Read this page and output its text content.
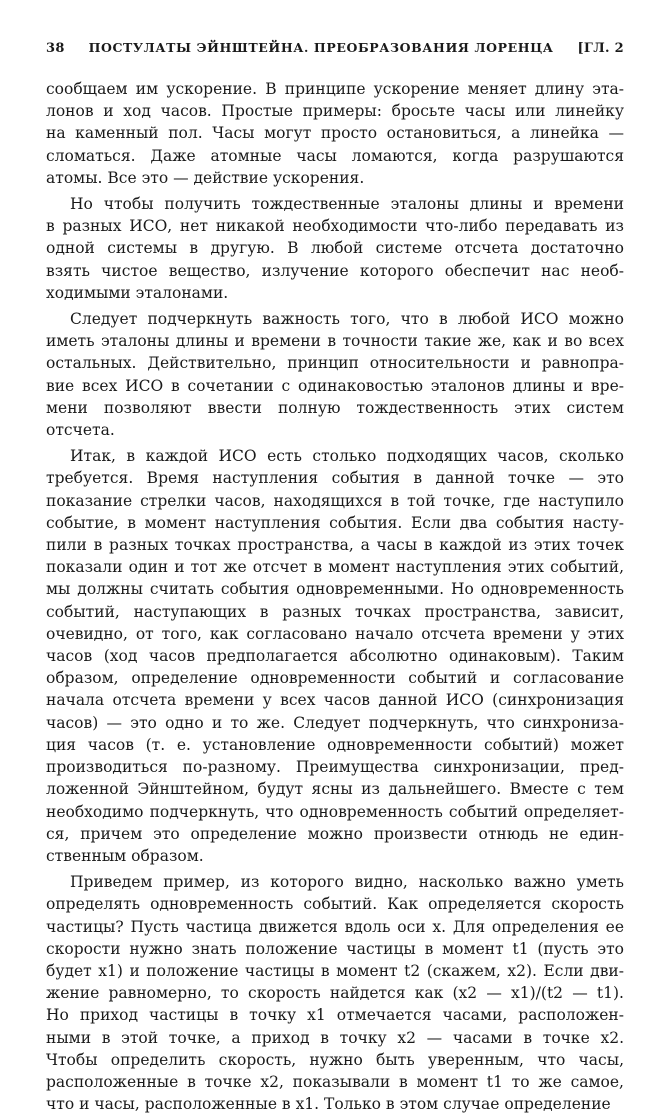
38 ПОСТУЛАТЫ ЭЙНШТЕЙНА. ПРЕОБРАЗОВАНИЯ ЛОРЕНЦА [ГЛ. 2

сообщаем им ускорение. В принципе ускорение меняет длину эта-
лонов и ход часов. Простые примеры: бросьте часы или линейку
на каменный пол. Часы могут просто остановиться, а линейка —
сломаться. Даже атомные часы ломаются, когда разрушаются
атомы. Все это — действие ускорения.

Но чтобы получить тождественные эталоны длины и времени
в разных ИСО, нет никакой необходимости что-либо передавать из
одной системы в другую. В любой системе отсчета достаточно
взять чистое вещество, излучение которого обеспечит нас необ-
ходимыми эталонами.

Следует подчеркнуть важность того, что в любой ИСО можно
иметь эталоны длины и времени в точности такие же, как и во всех
остальных. Действительно, принцип относительности и равнопра-
вие всех ИСО в сочетании с одинаковостью эталонов длины и вре-
мени позволяют ввести полную тождественность этих систем
отсчета.

Итак, в каждой ИСО есть столько подходящих часов, сколько
требуется. Время наступления события в данной точке — это
показание стрелки часов, находящихся в той точке, где наступило
событие, в момент наступления события. Если два события насту-
пили в разных точках пространства, а часы в каждой из этих точек
показали один и тот же отсчет в момент наступления этих событий,
мы должны считать события одновременными. Но одновременность
событий, наступающих в разных точках пространства, зависит,
очевидно, от того, как согласовано начало отсчета времени у этих
часов (ход часов предполагается абсолютно одинаковым). Таким
образом, определение одновременности событий и согласование
начала отсчета времени у всех часов данной ИСО (синхронизация
часов) — это одно и то же. Следует подчеркнуть, что синхрониза-
ция часов (т. е. установление одновременности событий) может
производиться по-разному. Преимущества синхронизации, пред-
ложенной Эйнштейном, будут ясны из дальнейшего. Вместе с тем
необходимо подчеркнуть, что одновременность событий определяет-
ся, причем это определение можно произвести отнюдь не един-
ственным образом.

Приведем пример, из которого видно, насколько важно уметь
определять одновременность событий. Как определяется скорость
частицы? Пусть частица движется вдоль оси x. Для определения ее
скорости нужно знать положение частицы в момент t1 (пусть это
будет x1) и положение частицы в момент t2 (скажем, x2). Если дви-
жение равномерно, то скорость найдется как (x2 — x1)/(t2 — t1).
Но приход частицы в точку x1 отмечается часами, расположен-
ными в этой точке, а приход в точку x2 — часами в точке x2.
Чтобы определить скорость, нужно быть уверенным, что часы,
расположенные в точке x2, показывали в момент t1 то же самое,
что и часы, расположенные в x1. Только в этом случае определение
